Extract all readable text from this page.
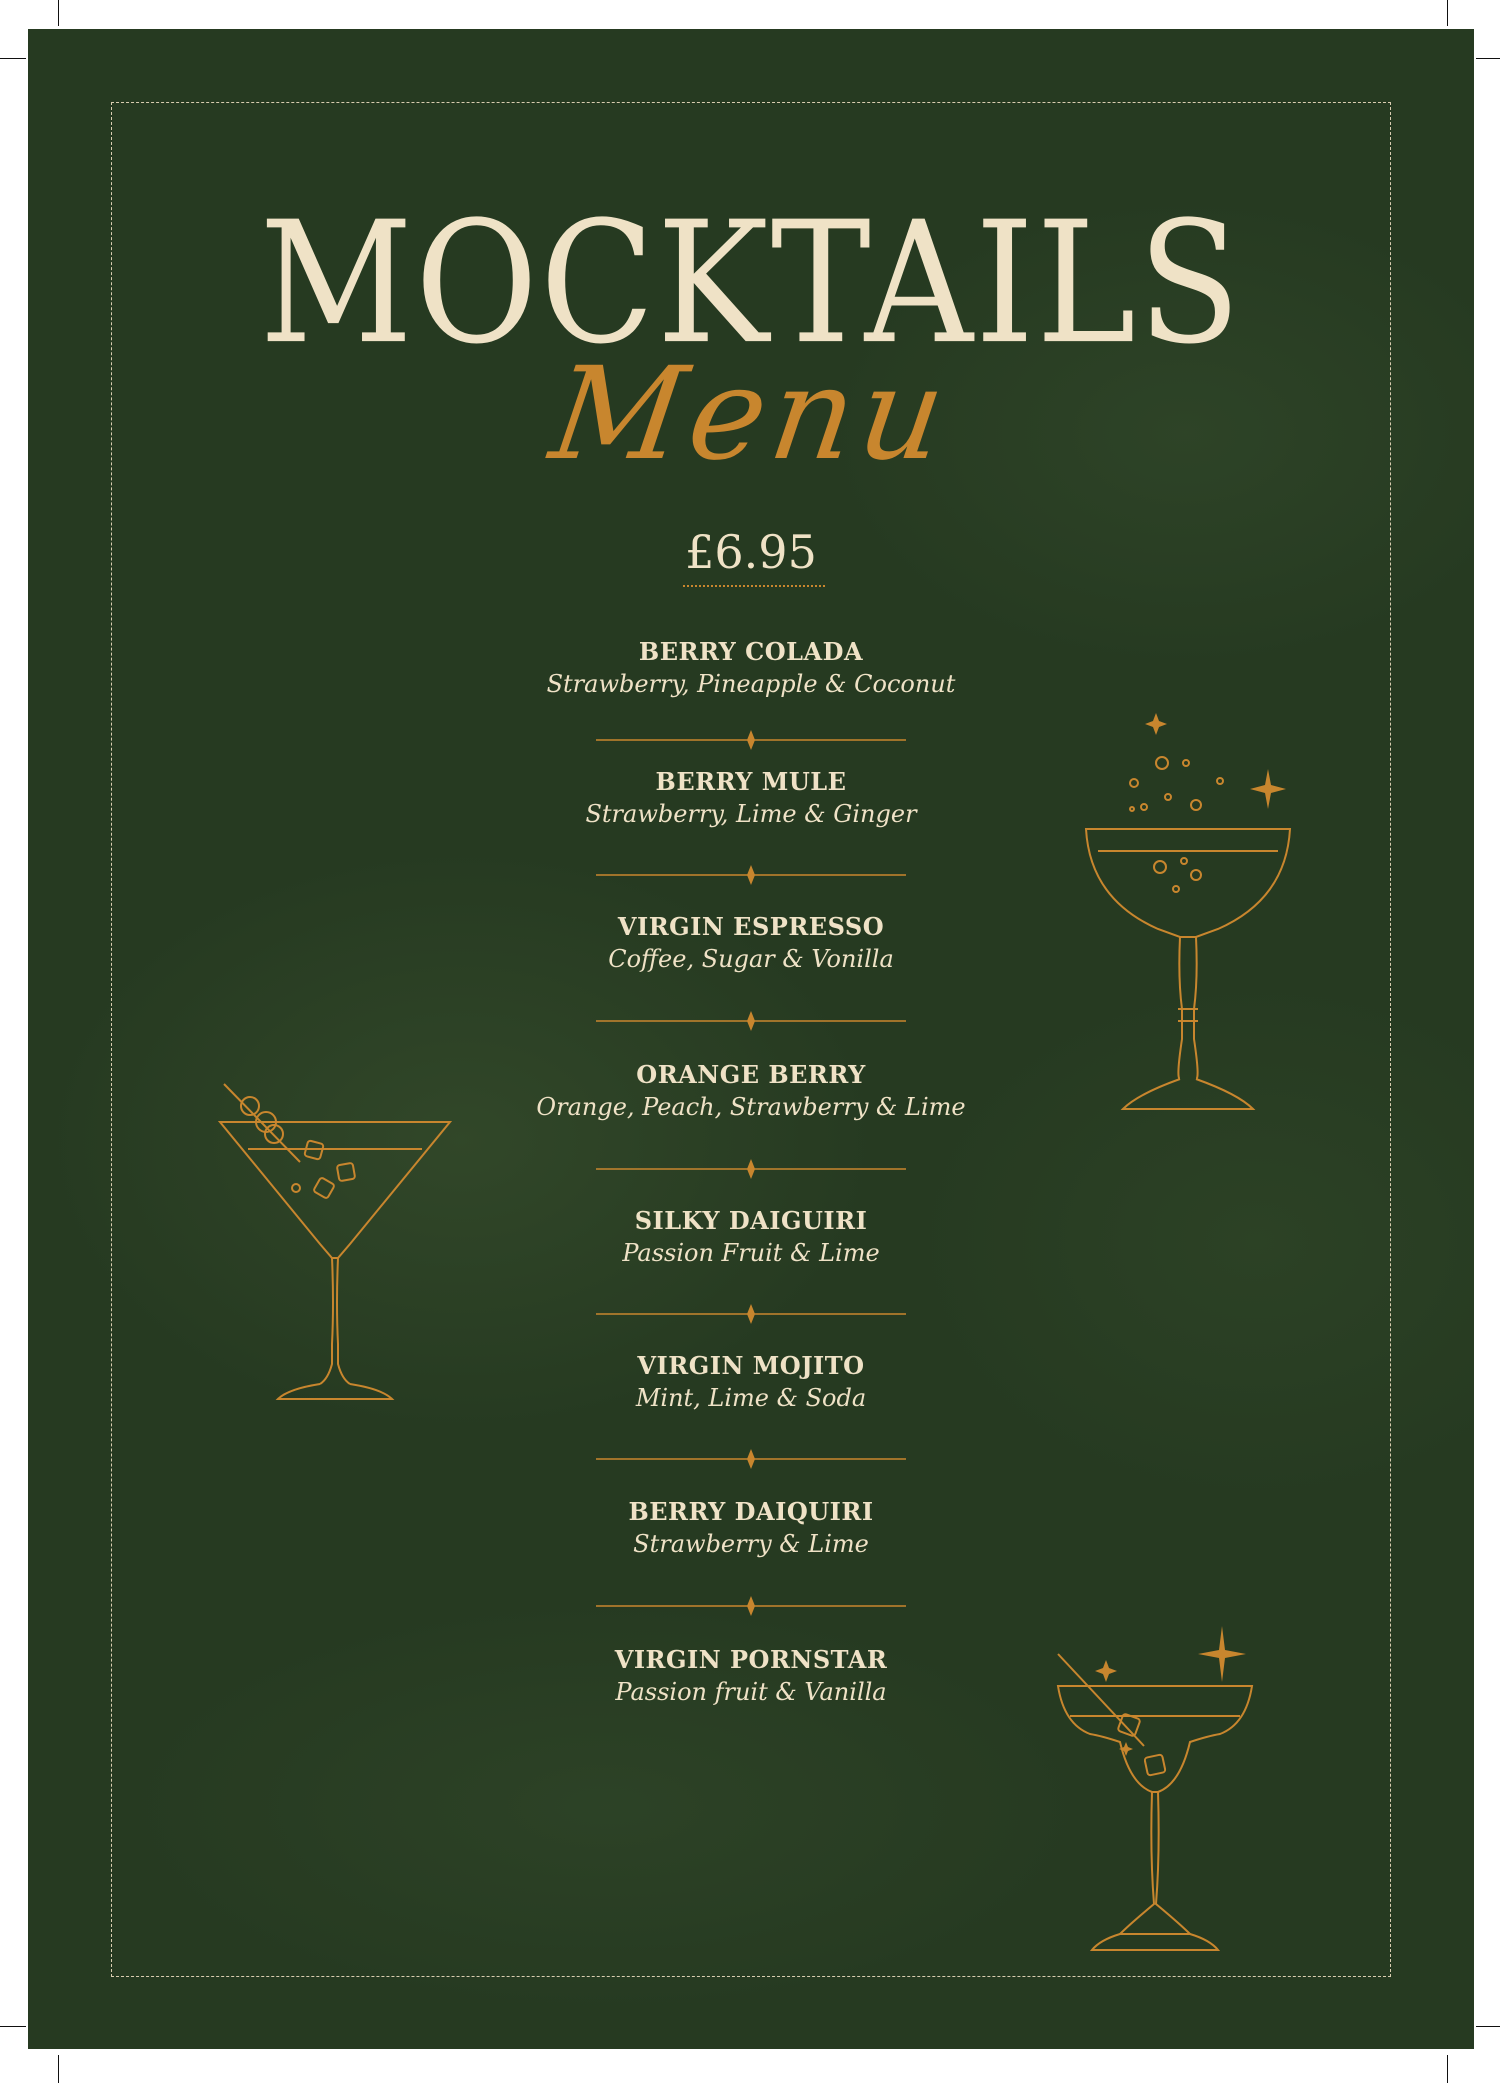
MOCKTAILS
Menu
£6.95
BERRY COLADA
Strawberry, Pineapple & Coconut
BERRY MULE
Strawberry, Lime & Ginger
VIRGIN ESPRESSO
Coffee, Sugar & Vonilla
ORANGE BERRY
Orange, Peach, Strawberry & Lime
SILKY DAIGUIRI
Passion Fruit & Lime
VIRGIN MOJITO
Mint, Lime & Soda
BERRY DAIQUIRI
Strawberry & Lime
VIRGIN PORNSTAR
Passion fruit & Vanilla
